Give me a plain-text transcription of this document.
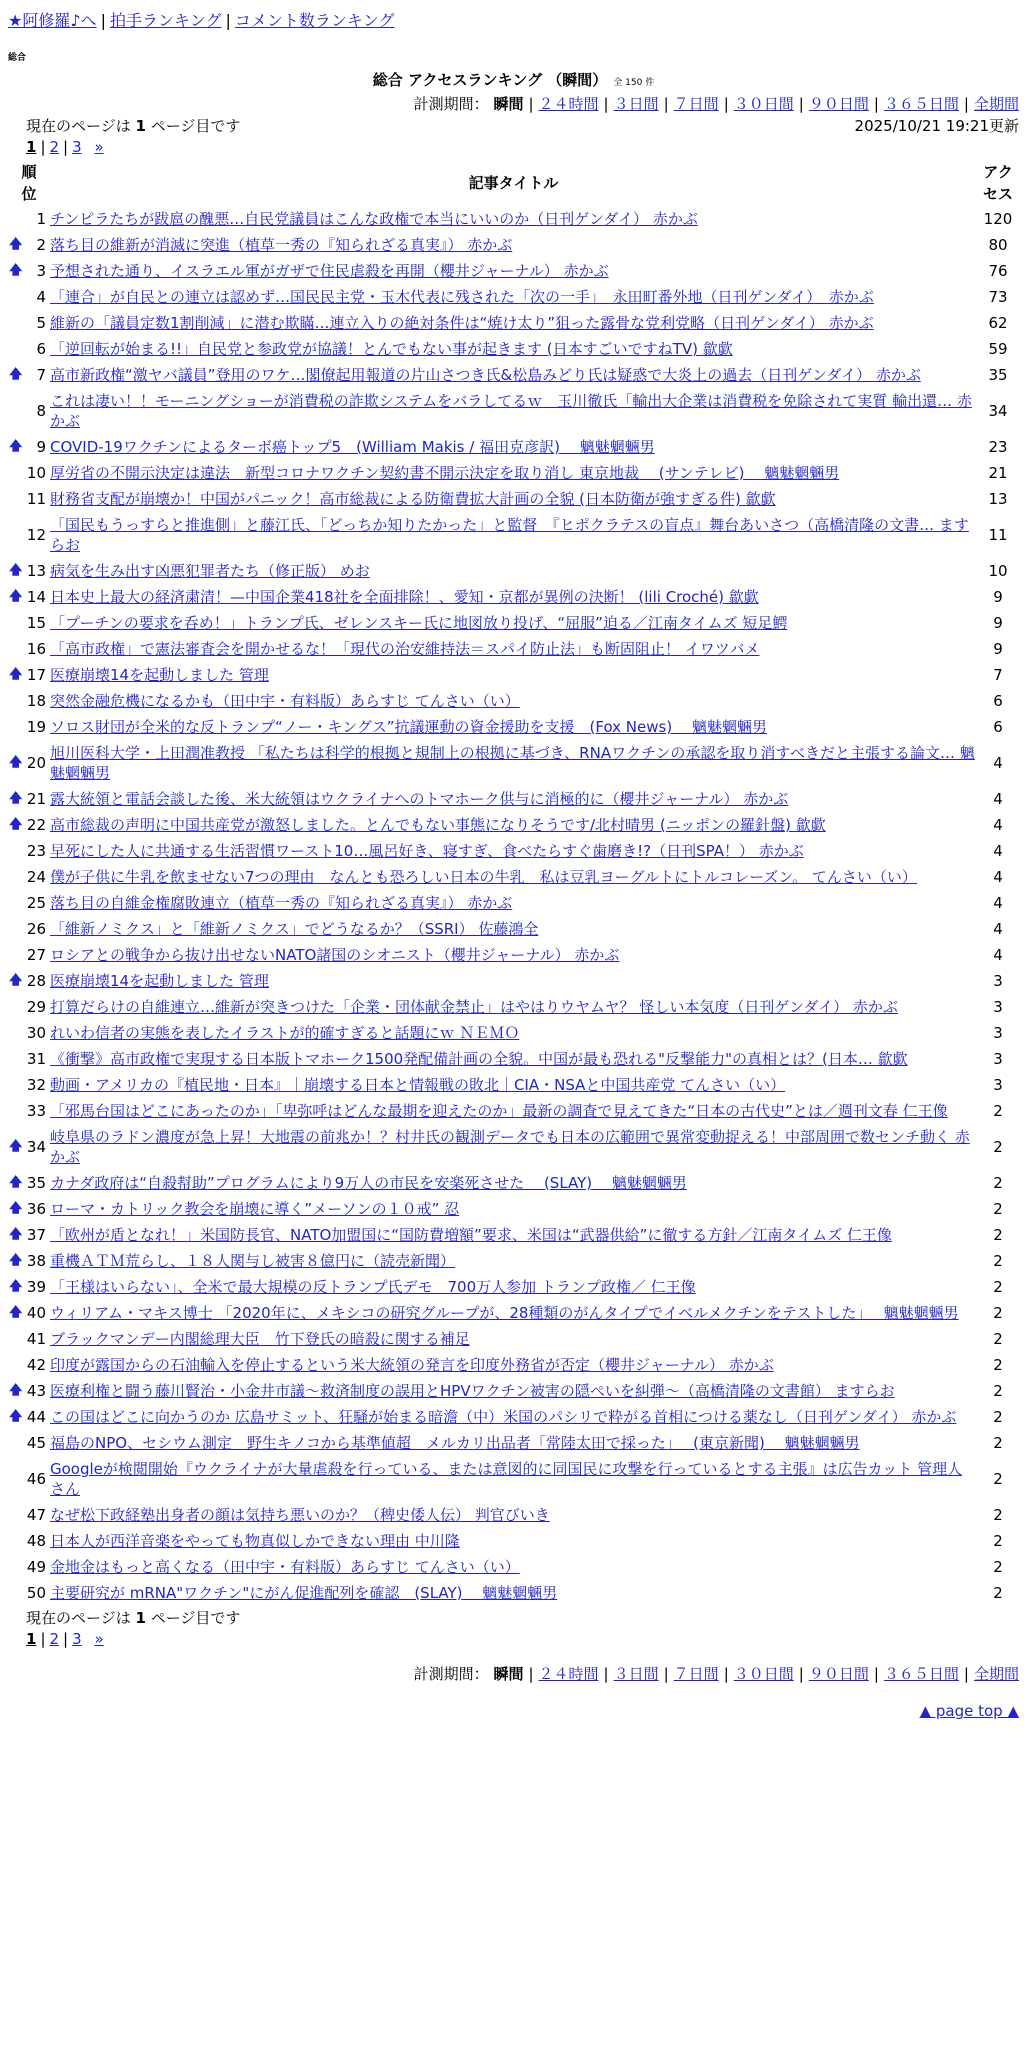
★阿修羅♪へ | 拍手ランキング | コメント数ランキング
総合
総合 アクセスランキング （瞬間） 全 150 件
計測期間： 瞬間 | ２４時間 | ３日間 | ７日間 | ３０日間 | ９０日間 | ３６５日間 | 全期間
現在のページは 1 ページ目です	2025/10/21 19:21更新
1 | 2 | 3 »
順位		記事タイトル	アクセス
	1	チンピラたちが跋扈の醜悪…自民党議員はこんな政権で本当にいいのか（日刊ゲンダイ） 赤かぶ	120
🡅	2	落ち目の維新が消滅に突進（植草一秀の『知られざる真実』） 赤かぶ	80
🡅	3	予想された通り、イスラエル軍がガザで住民虐殺を再開（櫻井ジャーナル） 赤かぶ	76
	4	「連合」が自民との連立は認めず…国民民主党・玉木代表に残された「次の一手」　永田町番外地（日刊ゲンダイ）　赤かぶ	73
	5	維新の「議員定数1割削減」に潜む欺瞞…連立入りの絶対条件は“焼け太り”狙った露骨な党利党略（日刊ゲンダイ） 赤かぶ	62
	6	「逆回転が始まる!!」自民党と参政党が協議！とんでもない事が起きます (日本すごいですねTV) 歙歔	59
🡅	7	高市新政権“激ヤバ議員”登用のワケ…閣僚起用報道の片山さつき氏&松島みどり氏は疑惑で大炎上の過去（日刊ゲンダイ） 赤かぶ	35
	8	これは凄い！！モーニングショーが消費税の詐欺システムをバラしてるｗ　玉川徹氏「輸出大企業は消費税を免除されて実質 輸出還… 赤かぶ	34
🡅	9	COVID-19ワクチンによるターボ癌トップ5　(William Makis / 福田克彦訳)　 魑魅魍魎男	23
	10	厚労省の不開示決定は違法　新型コロナワクチン契約書不開示決定を取り消し 東京地裁　 (サンテレビ)　 魑魅魍魎男	21
	11	財務省支配が崩壊か！中国がパニック！高市総裁による防衛費拡大計画の全貌 (日本防衛が強すぎる件) 歙歔	13
	12	「国民もうっすらと推進側」と藤江氏、「どっちか知りたかった」と監督　『ヒポクラテスの盲点』舞台あいさつ（高橋清隆の文書… ますらお	11
🡅	13	病気を生み出す凶悪犯罪者たち（修正版） めお	10
🡅	14	日本史上最大の経済粛清！—中国企業418社を全面排除！、愛知・京都が異例の決断！ (lili Croché) 歙歔	9
	15	「プーチンの要求を呑め！」トランプ氏、ゼレンスキー氏に地図放り投げ、“屈服”迫る／江南タイムズ 短足鰐	9
	16	「高市政権」で憲法審査会を開かせるな！「現代の治安維持法＝スパイ防止法」も断固阻止！ イワツバメ	9
🡅	17	医療崩壊14を起動しました 管理	7
	18	突然金融危機になるかも（田中宇・有料版）あらすじ てんさい（い）	6
	19	ソロス財団が全米的な反トランプ“ノー・キングス”抗議運動の資金援助を支援　(Fox News)　 魑魅魍魎男	6
🡅	20	旭川医科大学・上田潤准教授 「私たちは科学的根拠と規制上の根拠に基づき、RNAワクチンの承認を取り消すべきだと主張する論文… 魑魅魍魎男	4
🡅	21	露大統領と電話会談した後、米大統領はウクライナへのトマホーク供与に消極的に（櫻井ジャーナル） 赤かぶ	4
🡅	22	高市総裁の声明に中国共産党が激怒しました。とんでもない事態になりそうです/北村晴男 (ニッポンの羅針盤) 歙歔	4
	23	早死にした人に共通する生活習慣ワースト10…風呂好き、寝すぎ、食べたらすぐ歯磨き!?（日刊SPA！） 赤かぶ	4
	24	僕が子供に牛乳を飲ませない7つの理由　なんとも恐ろしい日本の牛乳　私は豆乳ヨーグルトにトルコレーズン。 てんさい（い）	4
	25	落ち目の自維金権腐敗連立（植草一秀の『知られざる真実』） 赤かぶ	4
	26	「維新ノミクス」と「維新ノミクス」でどうなるか？（SSRI） 佐藤鴻全	4
	27	ロシアとの戦争から抜け出せないNATO諸国のシオニスト（櫻井ジャーナル） 赤かぶ	4
🡅	28	医療崩壊14を起動しました 管理	3
	29	打算だらけの自維連立…維新が突きつけた「企業・団体献金禁止」はやはりウヤムヤ？ 怪しい本気度（日刊ゲンダイ） 赤かぶ	3
	30	れいわ信者の実態を表したイラストが的確すぎると話題にｗ ＮＥＭＯ	3
	31	《衝撃》高市政権で実現する日本版トマホーク1500発配備計画の全貌。中国が最も恐れる"反撃能力"の真相とは？(日本… 歙歔	3
	32	動画・アメリカの『植民地・日本』｜崩壊する日本と情報戦の敗北｜CIA・NSAと中国共産党 てんさい（い）	3
	33	「邪馬台国はどこにあったのか」「卑弥呼はどんな最期を迎えたのか」最新の調査で見えてきた“日本の古代史”とは／週刊文春 仁王像	2
🡅	34	岐阜県のラドン濃度が急上昇！大地震の前兆か！？村井氏の観測データでも日本の広範囲で異常変動捉える！中部周囲で数センチ動く 赤かぶ	2
🡅	35	カナダ政府は“自殺幇助”プログラムにより9万人の市民を安楽死させた　 (SLAY)　 魑魅魍魎男	2
🡅	36	ローマ・カトリック教会を崩壊に導く”メーソンの１０戒” 忍	2
🡅	37	「欧州が盾となれ！」米国防長官、NATO加盟国に“国防費増額”要求、米国は“武器供給”に徹する方針／江南タイムズ 仁王像	2
🡅	38	重機ＡＴＭ荒らし、１８人関与し被害８億円に（読売新聞）	2
🡅	39	「王様はいらない」、全米で最大規模の反トランプ氏デモ　700万人参加 トランプ政権／ 仁王像	2
🡅	40	ウィリアム・マキス博士 「2020年に、メキシコの研究グループが、28種類のがんタイプでイベルメクチンをテストした」　 魑魅魍魎男	2
	41	ブラックマンデー内閣総理大臣　竹下登氏の暗殺に関する補足	2
	42	印度が露国からの石油輸入を停止するという米大統領の発言を印度外務省が否定（櫻井ジャーナル） 赤かぶ	2
🡅	43	医療利権と闘う藤川賢治・小金井市議～救済制度の誤用とHPVワクチン被害の隠ぺいを糾弾～（高橋清隆の文書館） ますらお	2
🡅	44	この国はどこに向かうのか 広島サミット、狂騒が始まる暗澹（中）米国のパシリで粋がる首相につける薬なし（日刊ゲンダイ） 赤かぶ	2
	45	福島のNPO、セシウム測定　野生キノコから基準値超　メルカリ出品者「常陸太田で採った」　 (東京新聞)　 魑魅魍魎男	2
	46	Googleが検閲開始『ウクライナが大量虐殺を行っている、または意図的に同国民に攻撃を行っているとする主張』は広告カット 管理人さん	2
	47	なぜ松下政経塾出身者の顔は気持ち悪いのか？（稗史倭人伝） 判官びいき	2
	48	日本人が西洋音楽をやっても物真似しかできない理由 中川隆	2
	49	金地金はもっと高くなる（田中宇・有料版）あらすじ てんさい（い）	2
	50	主要研究が mRNA"ワクチン"にがん促進配列を確認　(SLAY)　 魑魅魍魎男	2
現在のページは 1 ページ目です
1 | 2 | 3 »
計測期間： 瞬間 | ２４時間 | ３日間 | ７日間 | ３０日間 | ９０日間 | ３６５日間 | 全期間
▲ page top ▲
